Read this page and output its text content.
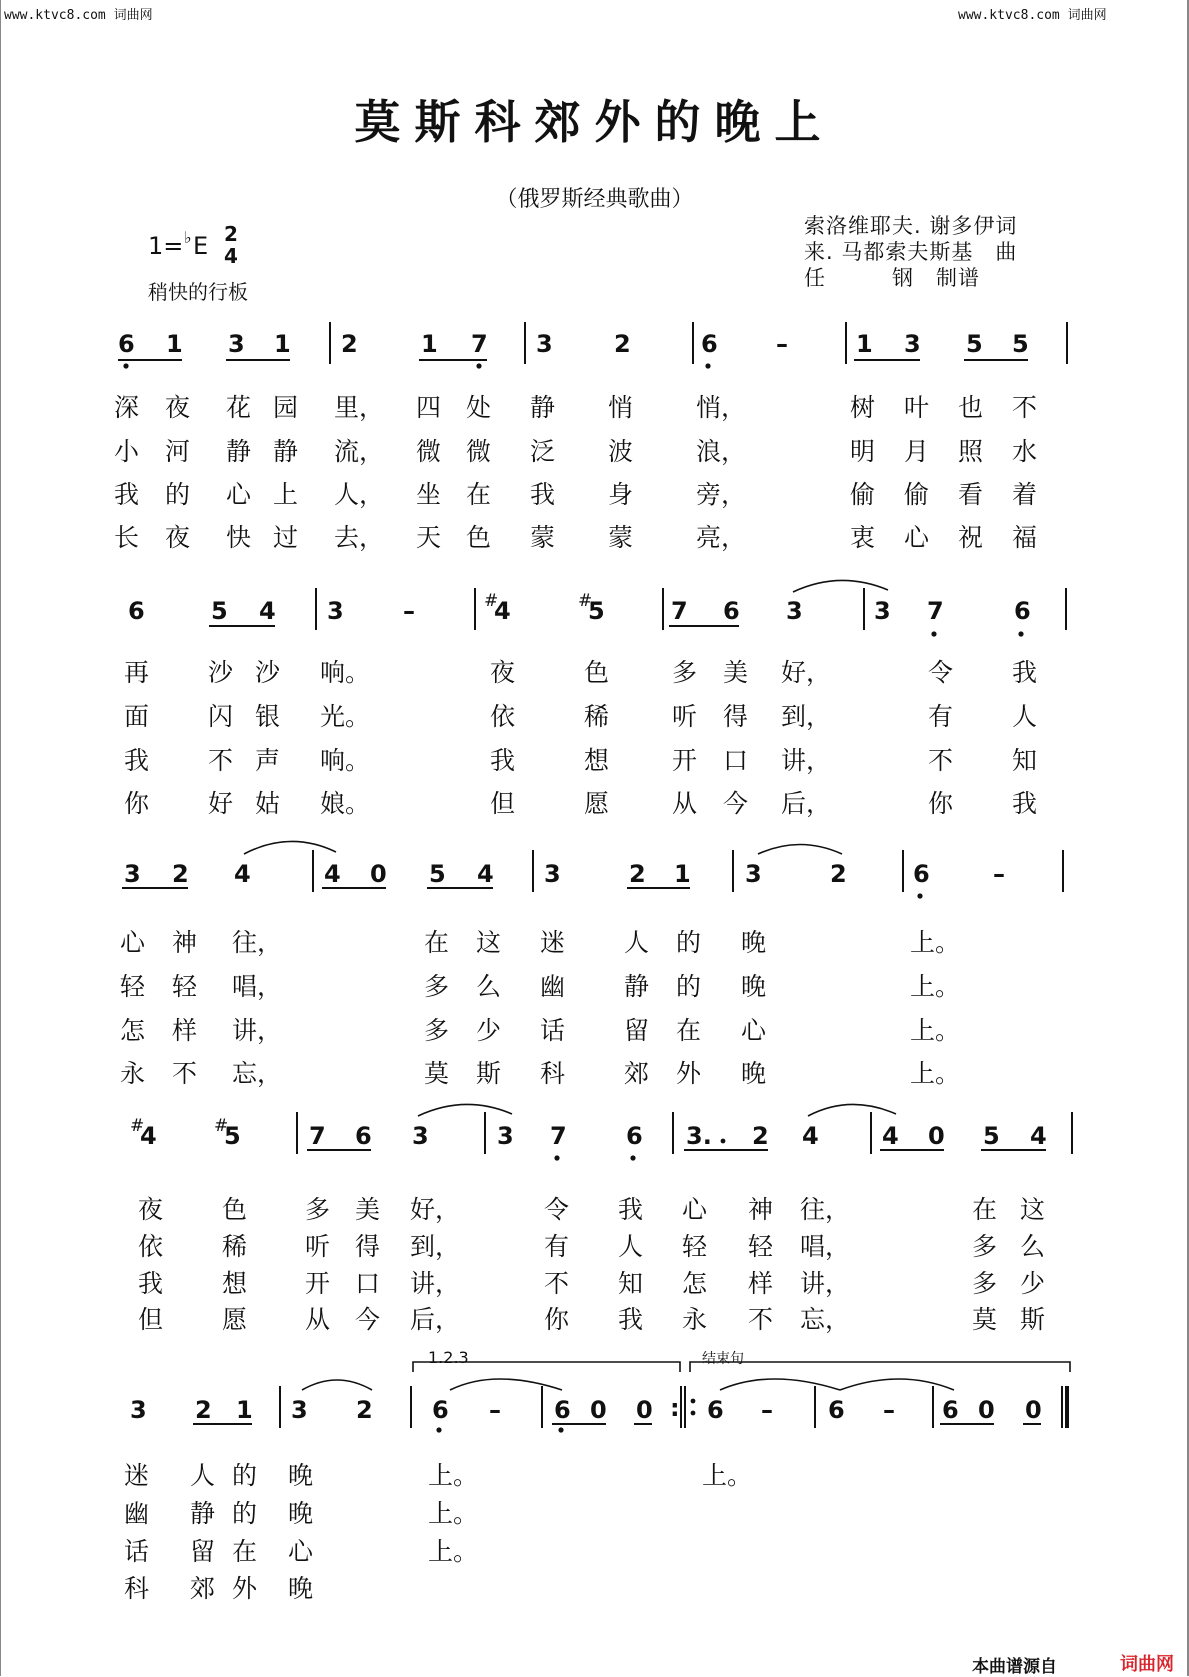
www.ktvc8.com 词曲网	www.ktvc8.com 词曲网
莫斯科郊外的晚上
（俄罗斯经典歌曲）
索洛维耶夫. 谢多伊词
来. 马都索夫斯基　曲
任　　　钢　制谱
1= ♭ E 2
4
稍快的行板
6 1 3 1 2	1 7 3	2	6 –	1 3 5 5
深 夜 花 园 里， 四 处 静 悄	悄，	树 叶 也 不
小 河 静 静 流， 微 微 泛 波	浪，	明 月 照 水
我 的 心 上 人， 坐 在 我 身	旁，	偷 偷 看 着
长 夜 快 过 去， 天 色 蒙 蒙	亮，	衷 心 祝 福
6	5 4 3 –	#
4	#
5	7 6 3	3 7	6
再 沙 沙 响。	夜	色	多 美 好，	令 我
面 闪 银 光。	依	稀	听 得 到，	有 人
我 不 声 响。	我	想	开 口 讲，	不 知
你 好 姑 娘。	但	愿	从 今 后，	你 我
3 2 4	4 0 5 4 3	2 1 3	2	6	–
心 神 往，	在 这 迷 人 的 晚	上。
轻 轻 唱，	多 么 幽 静 的 晚	上。
怎 样 讲，	多 少 话 留 在 心	上。
永 不 忘，	莫 斯 科 郊 外 晚	上。
#
4	#
5	7 6 3	3 7 6 3. 2 4	4 0 5 4
夜 色 多 美 好，	令 我 心 神 往，	在 这
依 稀 听 得 到，	有 人 轻 轻 唱，	多 么
我 想 开 口 讲，	不 知 怎 样 讲，	多 少
但 愿 从 今 后，	你 我 永 不 忘，	莫 斯
1.2.3	结束句
3 2 1 3 2 6 – 6 0 0 : 6 – 6 – 6 0 0
迷 人 的 晚	上。	上。
幽 静 的 晚	上。
话 留 在 心	上。
科 郊 外 晚
本曲谱源自	词曲网
